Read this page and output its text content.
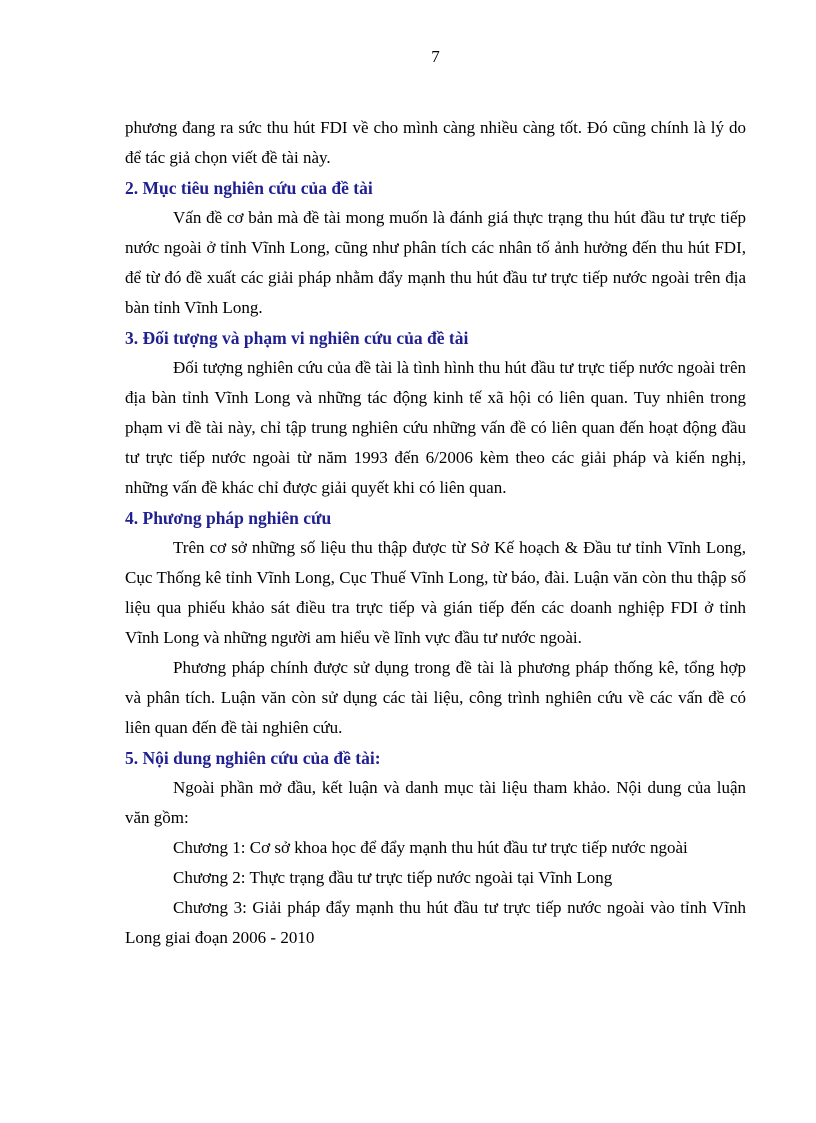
7

phương đang ra sức thu hút FDI về cho mình càng nhiều càng tốt. Đó cũng chính là lý do để tác giả chọn viết đề tài này.

2. Mục tiêu nghiên cứu của đề tài

Vấn đề cơ bản mà đề tài mong muốn là đánh giá thực trạng thu hút đầu tư trực tiếp nước ngoài ở tỉnh Vĩnh Long, cũng như phân tích các nhân tố ảnh hưởng đến thu hút FDI, để từ đó đề xuất các giải pháp nhằm đẩy mạnh thu hút đầu tư trực tiếp nước ngoài trên địa bàn tỉnh Vĩnh Long.

3. Đối tượng và phạm vi nghiên cứu của đề tài

Đối tượng nghiên cứu của đề tài là tình hình thu hút đầu tư trực tiếp nước ngoài trên địa bàn tỉnh Vĩnh Long và những tác động kinh tế xã hội có liên quan. Tuy nhiên trong phạm vi đề tài này, chỉ tập trung nghiên cứu những vấn đề có liên quan đến hoạt động đầu tư trực tiếp nước ngoài từ năm 1993 đến 6/2006 kèm theo các giải pháp và kiến nghị, những vấn đề khác chỉ được giải quyết khi có liên quan.

4. Phương pháp nghiên cứu

Trên cơ sở những số liệu thu thập được từ Sở Kế hoạch & Đầu tư tỉnh Vĩnh Long, Cục Thống kê tỉnh Vĩnh Long, Cục Thuế Vĩnh Long, từ báo, đài. Luận văn còn thu thập số liệu qua phiếu khảo sát điều tra trực tiếp và gián tiếp đến các doanh nghiệp FDI ở tỉnh Vĩnh Long và những người am hiểu về lĩnh vực đầu tư nước ngoài.

Phương pháp chính được sử dụng trong đề tài là phương pháp thống kê, tổng hợp và phân tích. Luận văn còn sử dụng các tài liệu, công trình nghiên cứu về các vấn đề có liên quan đến đề tài nghiên cứu.

5. Nội dung nghiên cứu của đề tài:

Ngoài phần mở đầu, kết luận và danh mục tài liệu tham khảo. Nội dung của luận văn gồm:

Chương 1: Cơ sở khoa học để đẩy mạnh thu hút đầu tư trực tiếp nước ngoài

Chương 2: Thực trạng đầu tư trực tiếp nước ngoài tại Vĩnh Long

Chương 3: Giải pháp đẩy mạnh thu hút đầu tư trực tiếp nước ngoài vào tỉnh Vĩnh Long giai đoạn 2006 - 2010
